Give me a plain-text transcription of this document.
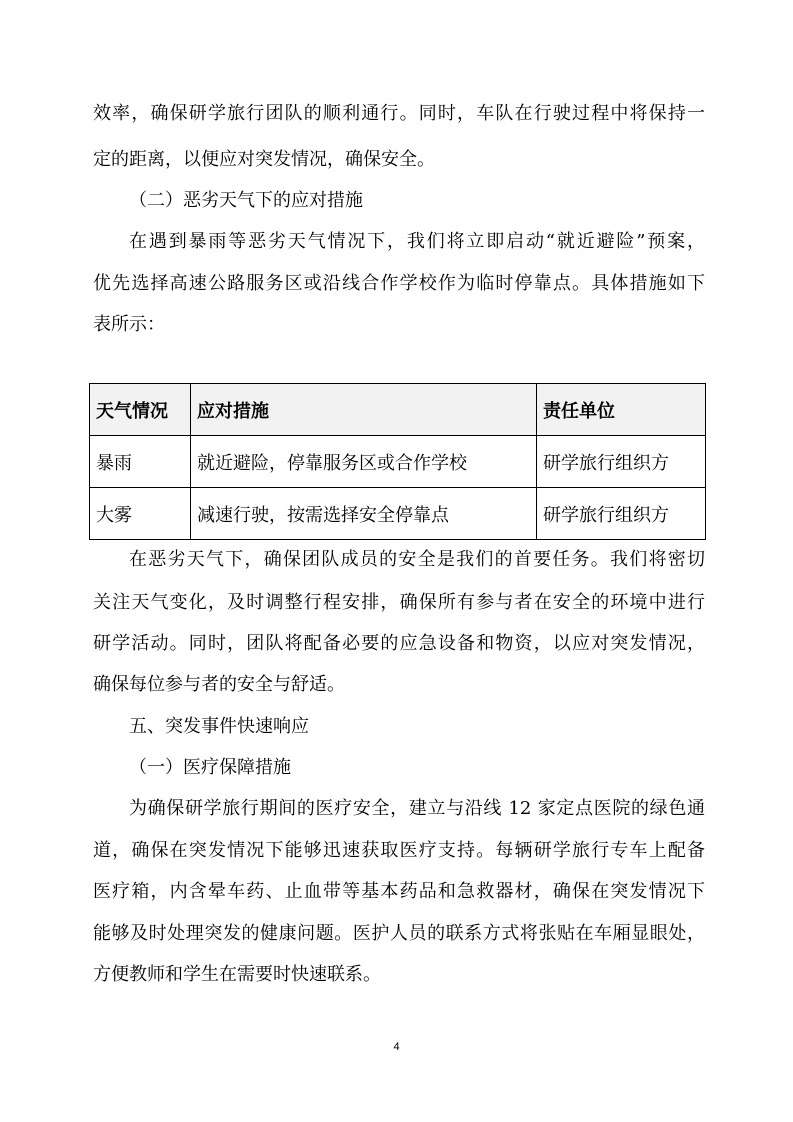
效率，确保研学旅行团队的顺利通行。同时，车队在行驶过程中将保持一
定的距离，以便应对突发情况，确保安全。
（二）恶劣天气下的应对措施
在遇到暴雨等恶劣天气情况下，我们将立即启动“就近避险”预案，
优先选择高速公路服务区或沿线合作学校作为临时停靠点。具体措施如下
表所示：
天气情况	应对措施	责任单位
暴雨	就近避险，停靠服务区或合作学校	研学旅行组织方
大雾	减速行驶，按需选择安全停靠点	研学旅行组织方
在恶劣天气下，确保团队成员的安全是我们的首要任务。我们将密切
关注天气变化，及时调整行程安排，确保所有参与者在安全的环境中进行
研学活动。同时，团队将配备必要的应急设备和物资，以应对突发情况，
确保每位参与者的安全与舒适。
五、突发事件快速响应
（一）医疗保障措施
为确保研学旅行期间的医疗安全，建立与沿线 12 家定点医院的绿色通
道，确保在突发情况下能够迅速获取医疗支持。每辆研学旅行专车上配备
医疗箱，内含晕车药、止血带等基本药品和急救器材，确保在突发情况下
能够及时处理突发的健康问题。医护人员的联系方式将张贴在车厢显眼处，
方便教师和学生在需要时快速联系。
4
